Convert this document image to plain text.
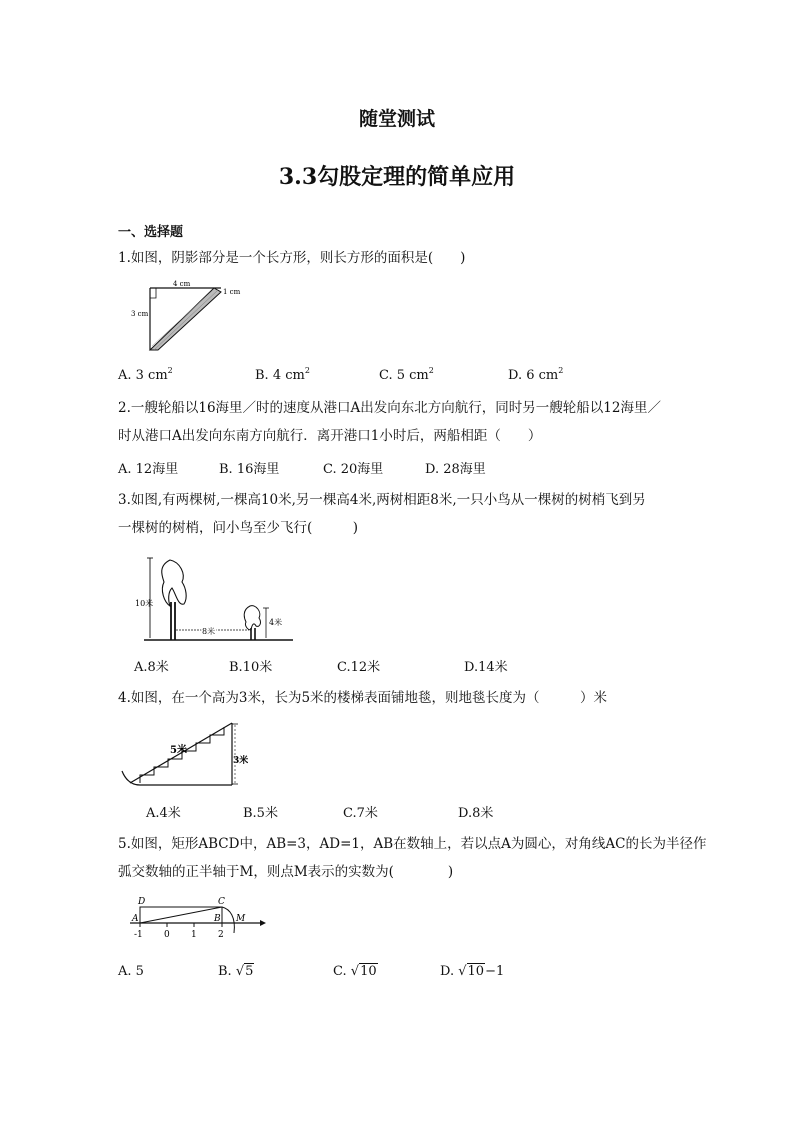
随堂测试
3.3勾股定理的简单应用
一、选择题
1.如图，阴影部分是一个长方形，则长方形的面积是(　　)
4 cm
3 cm
1 cm
A. 3 $cm^2$	B. 4 $cm^2$	C. 5 $cm^2$	D. 6 $cm^2$
2.一艘轮船以16海里／时的速度从港口A出发向东北方向航行，同时另一艘轮船以12海里／
时从港口A出发向东南方向航行．离开港口1小时后，两船相距（　　）
A. 12海里	B. 16海里	C. 20海里	D. 28海里
3.如图,有两棵树,一棵高10米,另一棵高4米,两树相距8米,一只小鸟从一棵树的树梢飞到另
一棵树的树梢，问小鸟至少飞行(　　　)
10米
4米
8米
A.8米	B.10米	C.12米	D.14米
4.如图，在一个高为3米，长为5米的楼梯表面铺地毯，则地毯长度为（　　　）米
5米
3米
A.4米	B.5米	C.7米	D.8米
5.如图，矩形ABCD中，AB=3，AD=1，AB在数轴上，若以点A为圆心，对角线AC的长为半径作
弧交数轴的正半轴于M，则点M表示的实数为(　　　　)
D	C
A	B M
-1 0 1 2
A. 5	B. √5	C. √10	D. √10−1
